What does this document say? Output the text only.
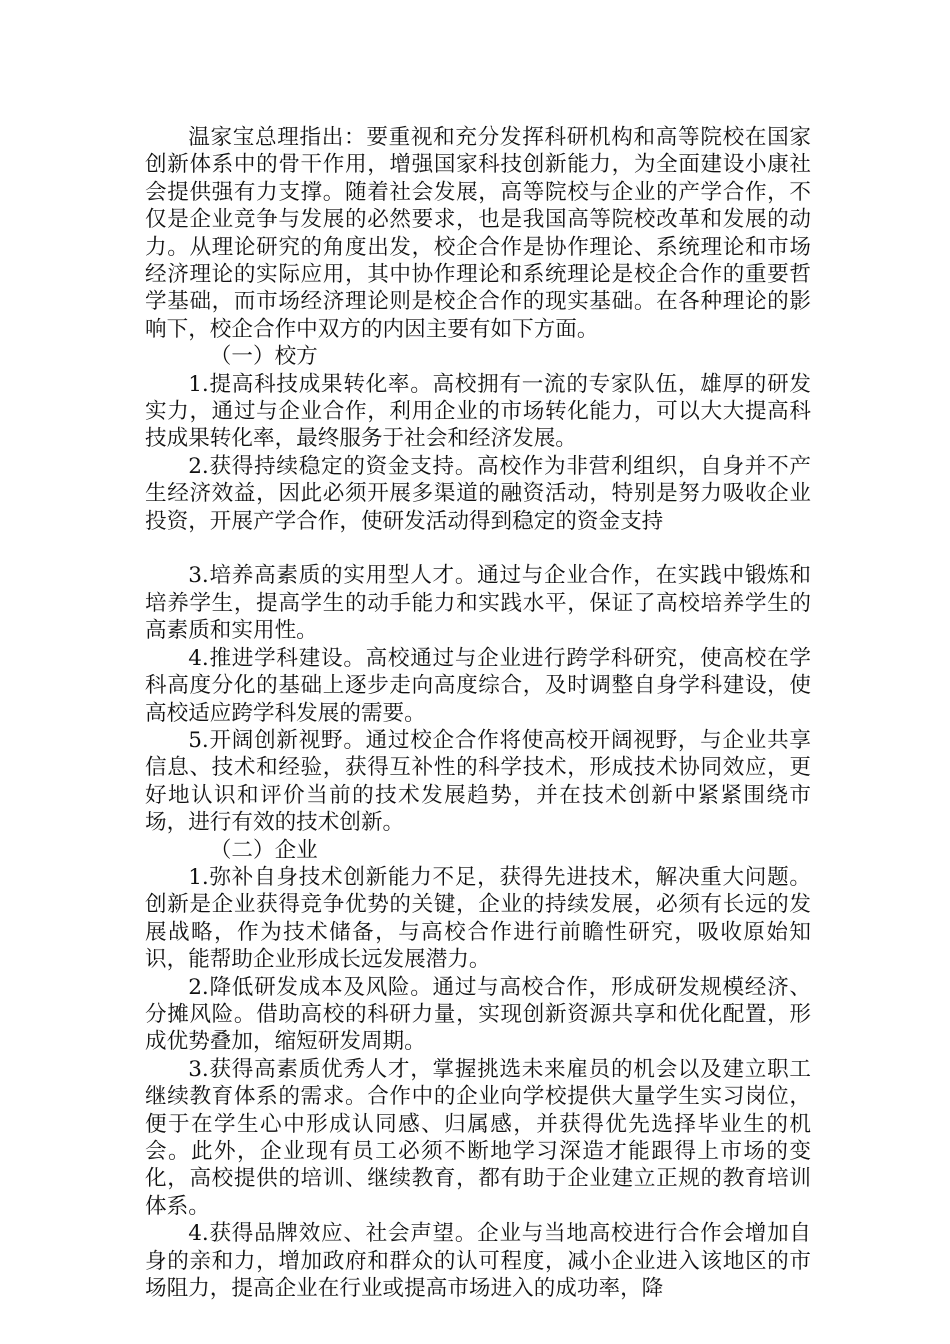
温家宝总理指出：要重视和充分发挥科研机构和高等院校在国家创新体系中的骨干作用，增强国家科技创新能力，为全面建设小康社会提供强有力支撑。随着社会发展，高等院校与企业的产学合作，不仅是企业竞争与发展的必然要求，也是我国高等院校改革和发展的动力。从理论研究的角度出发，校企合作是协作理论、系统理论和市场经济理论的实际应用，其中协作理论和系统理论是校企合作的重要哲学基础，而市场经济理论则是校企合作的现实基础。在各种理论的影响下，校企合作中双方的内因主要有如下方面。

（一）校方

1.提高科技成果转化率。高校拥有一流的专家队伍，雄厚的研发实力，通过与企业合作，利用企业的市场转化能力，可以大大提高科技成果转化率，最终服务于社会和经济发展。

2.获得持续稳定的资金支持。高校作为非营利组织，自身并不产生经济效益，因此必须开展多渠道的融资活动，特别是努力吸收企业投资，开展产学合作，使研发活动得到稳定的资金支持

3.培养高素质的实用型人才。通过与企业合作，在实践中锻炼和培养学生，提高学生的动手能力和实践水平，保证了高校培养学生的高素质和实用性。

4.推进学科建设。高校通过与企业进行跨学科研究，使高校在学科高度分化的基础上逐步走向高度综合，及时调整自身学科建设，使高校适应跨学科发展的需要。

5.开阔创新视野。通过校企合作将使高校开阔视野，与企业共享信息、技术和经验，获得互补性的科学技术，形成技术协同效应，更好地认识和评价当前的技术发展趋势，并在技术创新中紧紧围绕市场，进行有效的技术创新。

（二）企业

1.弥补自身技术创新能力不足，获得先进技术，解决重大问题。创新是企业获得竞争优势的关键，企业的持续发展，必须有长远的发展战略，作为技术储备，与高校合作进行前瞻性研究，吸收原始知识，能帮助企业形成长远发展潜力。

2.降低研发成本及风险。通过与高校合作，形成研发规模经济、分摊风险。借助高校的科研力量，实现创新资源共享和优化配置，形成优势叠加，缩短研发周期。

3.获得高素质优秀人才，掌握挑选未来雇员的机会以及建立职工继续教育体系的需求。合作中的企业向学校提供大量学生实习岗位，便于在学生心中形成认同感、归属感，并获得优先选择毕业生的机会。此外，企业现有员工必须不断地学习深造才能跟得上市场的变化，高校提供的培训、继续教育，都有助于企业建立正规的教育培训体系。

4.获得品牌效应、社会声望。企业与当地高校进行合作会增加自身的亲和力，增加政府和群众的认可程度，减小企业进入该地区的市场阻力，提高企业在行业或提高市场进入的成功率，降
